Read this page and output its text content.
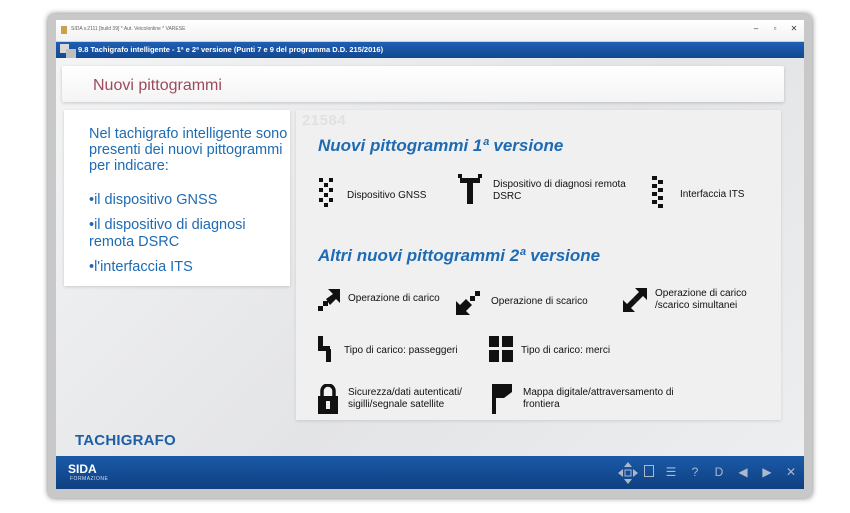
SIDA v.2111 [build 39] * Aut. Veicolonline * VARESE	–	▫	✕
9.8 Tachigrafo intelligente - 1ª e 2ª versione (Punti 7 e 9 del programma D.D. 215/2016)
Nuovi pittogrammi
Nel tachigrafo intelligente sono presenti dei nuovi pittogrammi per indicare:
•il dispositivo GNSS
•il dispositivo di diagnosi remota DSRC
•l'interfaccia ITS
21584
Nuovi pittogrammi 1ª versione
Dispositivo GNSS
Dispositivo di diagnosi remota DSRC	Interfaccia ITS
Altri nuovi pittogrammi 2ª versione
Operazione di carico	Operazione di scarico
Operazione di carico /scarico simultanei
Tipo di carico: passeggeri	Tipo di carico: merci
Sicurezza/dati autenticati/ sigilli/segnale satellite
Mappa digitale/attraversamento di frontiera
TACHIGRAFO
SIDA
FORMAZIONE	☰	?	D	◀	▶	✕
